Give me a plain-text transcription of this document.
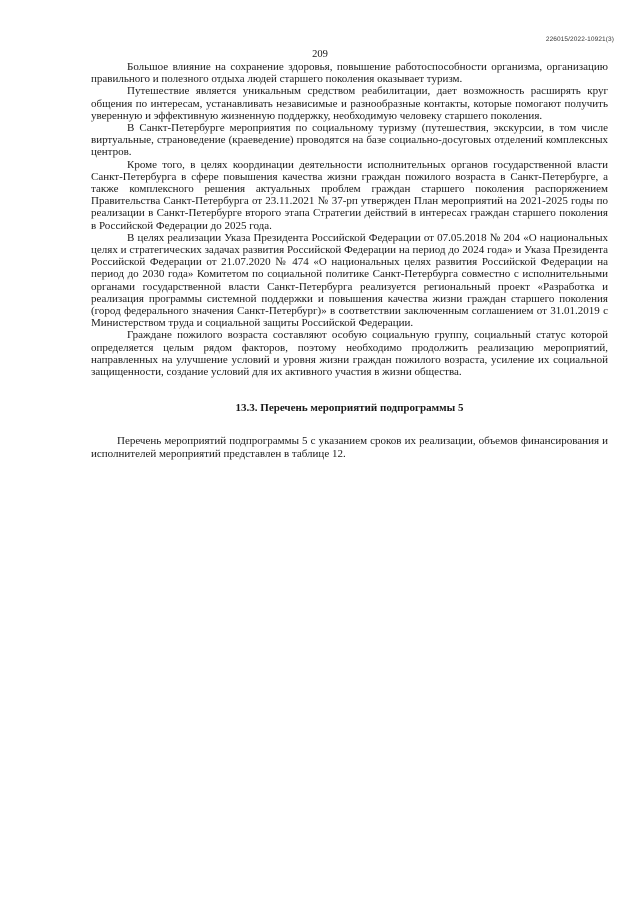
226015/2022-10921(3)
209

Большое влияние на сохранение здоровья, повышение работоспособности организма, организацию правильного и полезного отдыха людей старшего поколения оказывает туризм.

Путешествие является уникальным средством реабилитации, дает возможность расширять круг общения по интересам, устанавливать независимые и разнообразные контакты, которые помогают получить уверенную и эффективную жизненную поддержку, необходимую человеку старшего поколения.

В Санкт-Петербурге мероприятия по социальному туризму (путешествия, экскурсии, в том числе виртуальные, страноведение (краеведение) проводятся на базе социально-досуговых отделений комплексных центров.

Кроме того, в целях координации деятельности исполнительных органов государственной власти Санкт-Петербурга в сфере повышения качества жизни граждан пожилого возраста в Санкт-Петербурге, а также комплексного решения актуальных проблем граждан старшего поколения распоряжением Правительства Санкт-Петербурга от 23.11.2021 № 37-рп утвержден План мероприятий на 2021-2025 годы по реализации в Санкт-Петербурге второго этапа Стратегии действий в интересах граждан старшего поколения в Российской Федерации до 2025 года.

В целях реализации Указа Президента Российской Федерации от 07.05.2018 № 204 «О национальных целях и стратегических задачах развития Российской Федерации на период до 2024 года» и Указа Президента Российской Федерации от 21.07.2020 № 474 «О национальных целях развития Российской Федерации на период до 2030 года» Комитетом по социальной политике Санкт-Петербурга совместно с исполнительными органами государственной власти Санкт-Петербурга реализуется региональный проект «Разработка и реализация программы системной поддержки и повышения качества жизни граждан старшего поколения (город федерального значения Санкт-Петербург)» в соответствии заключенным соглашением от 31.01.2019 с Министерством труда и социальной защиты Российской Федерации.

Граждане пожилого возраста составляют особую социальную группу, социальный статус которой определяется целым рядом факторов, поэтому необходимо продолжить реализацию мероприятий, направленных на улучшение условий и уровня жизни граждан пожилого возраста, усиление их социальной защищенности, создание условий для их активного участия в жизни общества.

13.3. Перечень мероприятий подпрограммы 5

Перечень мероприятий подпрограммы 5 с указанием сроков их реализации, объемов финансирования и исполнителей мероприятий представлен в таблице 12.
